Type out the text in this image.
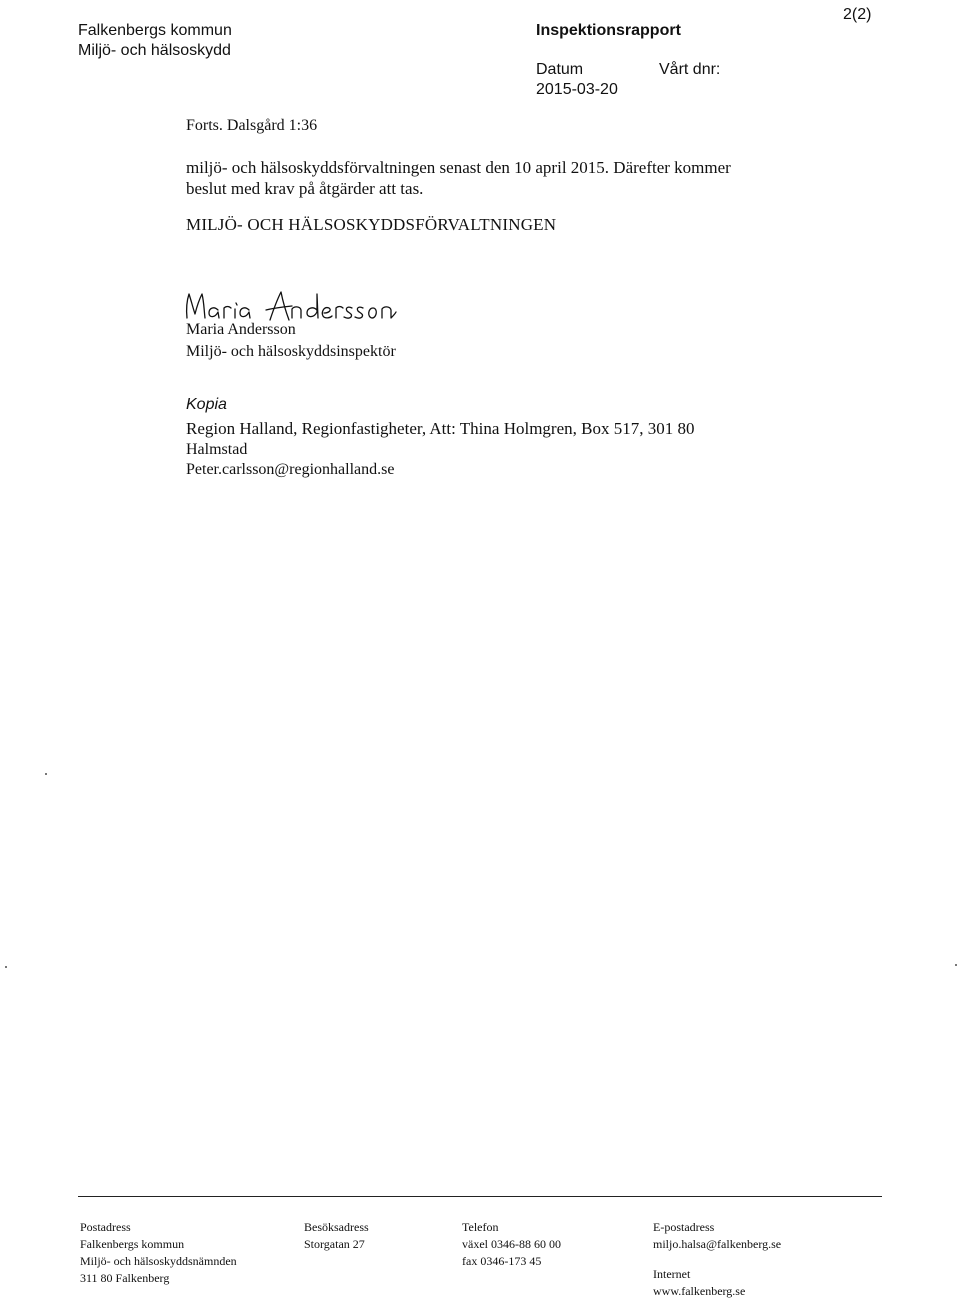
Falkenbergs kommun
Miljö- och hälsoskydd
Inspektionsrapport
Datum
2015-03-20
Vårt dnr:
2(2)
Forts. Dalsgård 1:36
miljö- och hälsoskyddsförvaltningen senast den 10 april 2015. Därefter kommer
beslut med krav på åtgärder att tas.
MILJÖ- OCH HÄLSOSKYDDSFÖRVALTNINGEN
Maria Andersson
Miljö- och hälsoskyddsinspektör
Kopia
Region Halland, Regionfastigheter, Att: Thina Holmgren, Box 517, 301 80
Halmstad
Peter.carlsson@regionhalland.se
Postadress
Falkenbergs kommun
Miljö- och hälsoskyddsnämnden
311 80 Falkenberg
Besöksadress
Storgatan 27
Telefon
växel 0346-88 60 00
fax 0346-173 45
E-postadress
miljo.halsa@falkenberg.se
Internet
www.falkenberg.se
